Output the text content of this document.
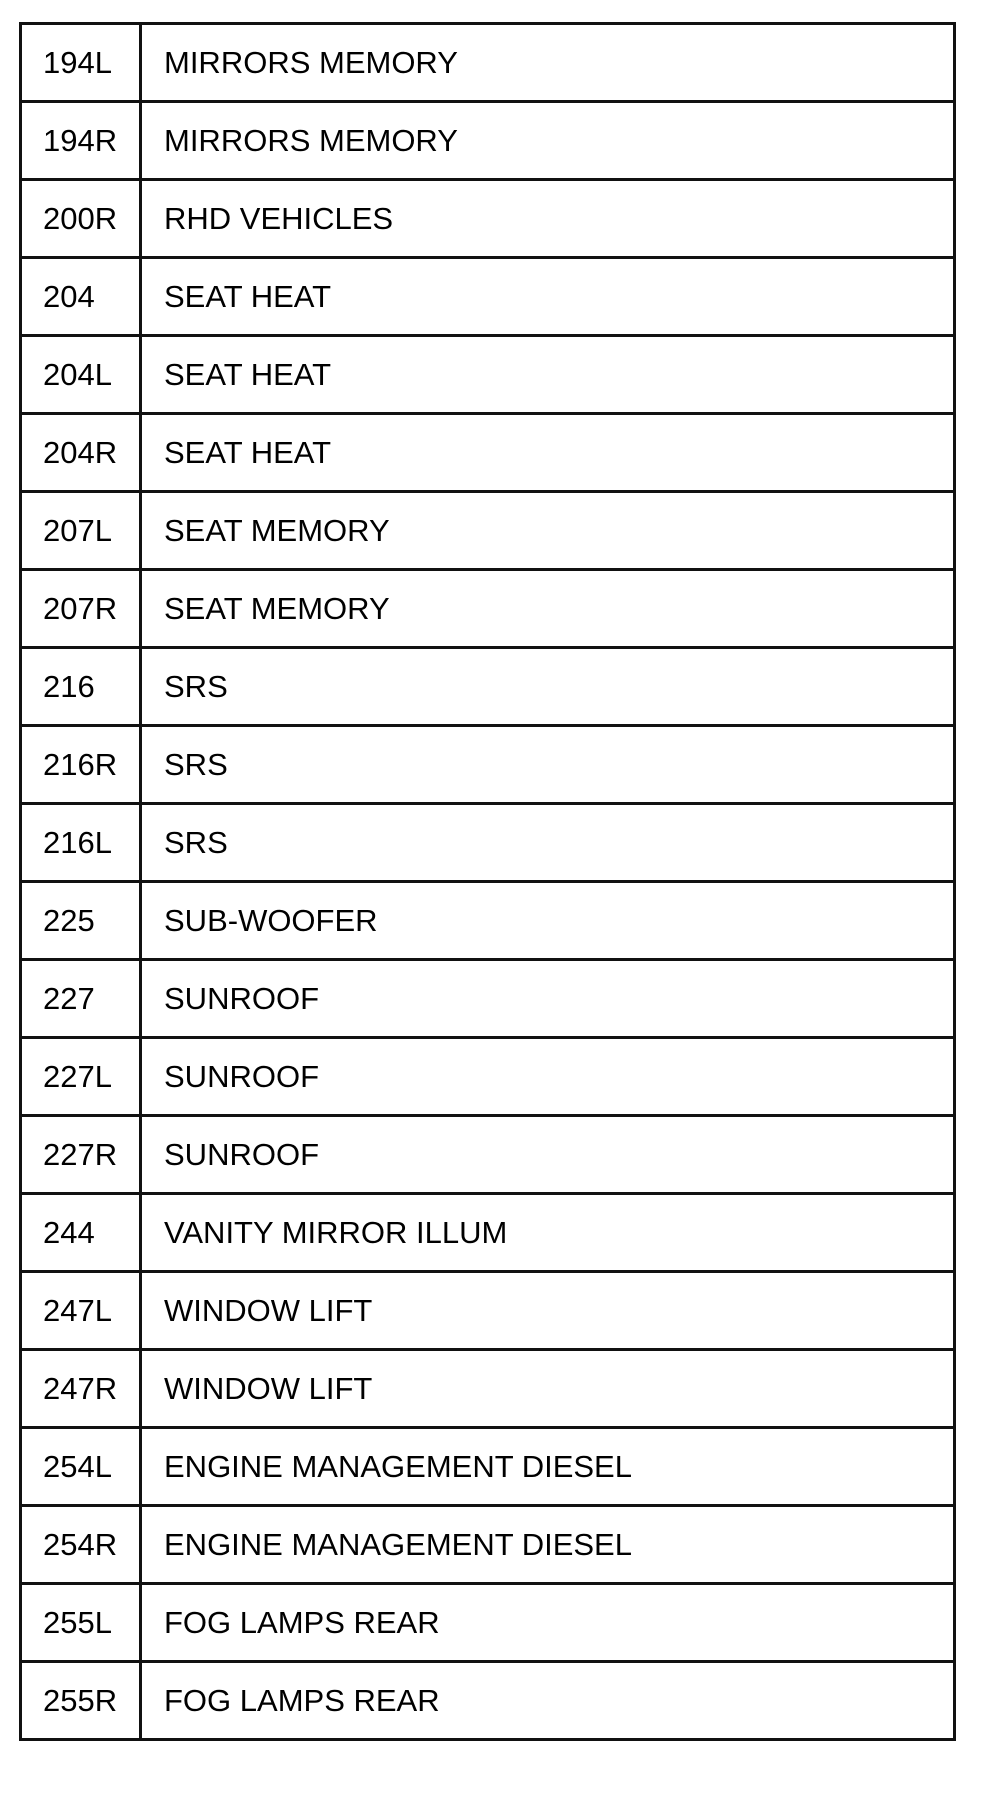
194L	MIRRORS MEMORY
194R	MIRRORS MEMORY
200R	RHD VEHICLES
204	SEAT HEAT
204L	SEAT HEAT
204R	SEAT HEAT
207L	SEAT MEMORY
207R	SEAT MEMORY
216	SRS
216R	SRS
216L	SRS
225	SUB-WOOFER
227	SUNROOF
227L	SUNROOF
227R	SUNROOF
244	VANITY MIRROR ILLUM
247L	WINDOW LIFT
247R	WINDOW LIFT
254L	ENGINE MANAGEMENT DIESEL
254R	ENGINE MANAGEMENT DIESEL
255L	FOG LAMPS REAR
255R	FOG LAMPS REAR
